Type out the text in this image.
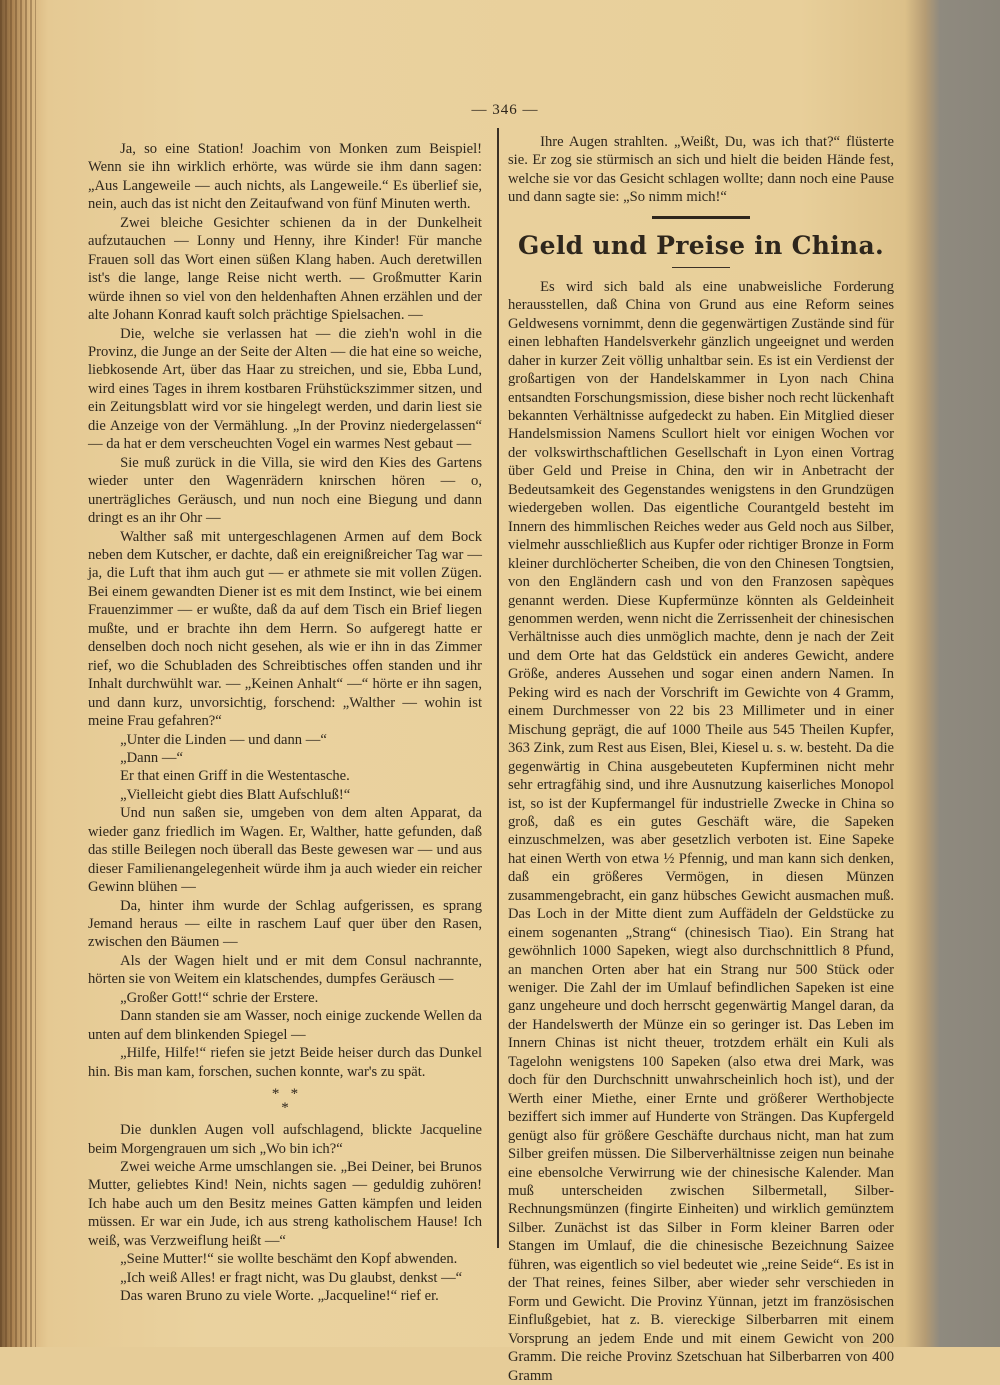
— 346 —

Ja, so eine Station! Joachim von Monken zum Beispiel! Wenn sie ihn wirklich erhörte, was würde sie ihm dann sagen: „Aus Langeweile — auch nichts, als Langeweile.“ Es überlief sie, nein, auch das ist nicht den Zeitaufwand von fünf Minuten werth.

Zwei bleiche Gesichter schienen da in der Dunkelheit aufzutauchen — Lonny und Henny, ihre Kinder! Für manche Frauen soll das Wort einen süßen Klang haben. Auch deretwillen ist's die lange, lange Reise nicht werth. — Großmutter Karin würde ihnen so viel von den heldenhaften Ahnen erzählen und der alte Johann Konrad kauft solch prächtige Spielsachen. —

Die, welche sie verlassen hat — die zieh'n wohl in die Provinz, die Junge an der Seite der Alten — die hat eine so weiche, liebkosende Art, über das Haar zu streichen, und sie, Ebba Lund, wird eines Tages in ihrem kostbaren Frühstückszimmer sitzen, und ein Zeitungsblatt wird vor sie hingelegt werden, und darin liest sie die Anzeige von der Vermählung. „In der Provinz niedergelassen“ — da hat er dem verscheuchten Vogel ein warmes Nest gebaut —

Sie muß zurück in die Villa, sie wird den Kies des Gartens wieder unter den Wagenrädern knirschen hören — o, unerträgliches Geräusch, und nun noch eine Biegung und dann dringt es an ihr Ohr —

Walther saß mit untergeschlagenen Armen auf dem Bock neben dem Kutscher, er dachte, daß ein ereignißreicher Tag war — ja, die Luft that ihm auch gut — er athmete sie mit vollen Zügen. Bei einem gewandten Diener ist es mit dem Instinct, wie bei einem Frauenzimmer — er wußte, daß da auf dem Tisch ein Brief liegen mußte, und er brachte ihn dem Herrn. So aufgeregt hatte er denselben doch noch nicht gesehen, als wie er ihn in das Zimmer rief, wo die Schubladen des Schreibtisches offen standen und ihr Inhalt durchwühlt war. — „Keinen Anhalt“ —“ hörte er ihn sagen, und dann kurz, unvorsichtig, forschend: „Walther — wohin ist meine Frau gefahren?“

„Unter die Linden — und dann —“

„Dann —“

Er that einen Griff in die Westentasche.

„Vielleicht giebt dies Blatt Aufschluß!“

Und nun saßen sie, umgeben von dem alten Apparat, da wieder ganz friedlich im Wagen. Er, Walther, hatte gefunden, daß das stille Beilegen noch überall das Beste gewesen war — und aus dieser Familienangelegenheit würde ihm ja auch wieder ein reicher Gewinn blühen —

Da, hinter ihm wurde der Schlag aufgerissen, es sprang Jemand heraus — eilte in raschem Lauf quer über den Rasen, zwischen den Bäumen —

Als der Wagen hielt und er mit dem Consul nachrannte, hörten sie von Weitem ein klatschendes, dumpfes Geräusch —

„Großer Gott!“ schrie der Erstere.

Dann standen sie am Wasser, noch einige zuckende Wellen da unten auf dem blinkenden Spiegel —

„Hilfe, Hilfe!“ riefen sie jetzt Beide heiser durch das Dunkel hin. Bis man kam, forschen, suchen konnte, war's zu spät.

*   *
*

Die dunklen Augen voll aufschlagend, blickte Jacqueline beim Morgengrauen um sich „Wo bin ich?“

Zwei weiche Arme umschlangen sie. „Bei Deiner, bei Brunos Mutter, geliebtes Kind! Nein, nichts sagen — geduldig zuhören! Ich habe auch um den Besitz meines Gatten kämpfen und leiden müssen. Er war ein Jude, ich aus streng katholischem Hause! Ich weiß, was Verzweiflung heißt —“

„Seine Mutter!“ sie wollte beschämt den Kopf abwenden.

„Ich weiß Alles! er fragt nicht, was Du glaubst, denkst —“

Das waren Bruno zu viele Worte. „Jacqueline!“ rief er.

Ihre Augen strahlten. „Weißt, Du, was ich that?“ flüsterte sie. Er zog sie stürmisch an sich und hielt die beiden Hände fest, welche sie vor das Gesicht schlagen wollte; dann noch eine Pause und dann sagte sie: „So nimm mich!“

Geld und Preise in China.

Es wird sich bald als eine unabweisliche Forderung herausstellen, daß China von Grund aus eine Reform seines Geldwesens vornimmt, denn die gegenwärtigen Zustände sind für einen lebhaften Handelsverkehr gänzlich ungeeignet und werden daher in kurzer Zeit völlig unhaltbar sein. Es ist ein Verdienst der großartigen von der Handelskammer in Lyon nach China entsandten Forschungsmission, diese bisher noch recht lückenhaft bekannten Verhältnisse aufgedeckt zu haben. Ein Mitglied dieser Handelsmission Namens Scullort hielt vor einigen Wochen vor der volkswirthschaftlichen Gesellschaft in Lyon einen Vortrag über Geld und Preise in China, den wir in Anbetracht der Bedeutsamkeit des Gegenstandes wenigstens in den Grundzügen wiedergeben wollen. Das eigentliche Courantgeld besteht im Innern des himmlischen Reiches weder aus Geld noch aus Silber, vielmehr ausschließlich aus Kupfer oder richtiger Bronze in Form kleiner durchlöcherter Scheiben, die von den Chinesen Tongtsien, von den Engländern cash und von den Franzosen sapèques genannt werden. Diese Kupfermünze könnten als Geldeinheit genommen werden, wenn nicht die Zerrissenheit der chinesischen Verhältnisse auch dies unmöglich machte, denn je nach der Zeit und dem Orte hat das Geldstück ein anderes Gewicht, andere Größe, anderes Aussehen und sogar einen andern Namen. In Peking wird es nach der Vorschrift im Gewichte von 4 Gramm, einem Durchmesser von 22 bis 23 Millimeter und in einer Mischung geprägt, die auf 1000 Theile aus 545 Theilen Kupfer, 363 Zink, zum Rest aus Eisen, Blei, Kiesel u. s. w. besteht. Da die gegenwärtig in China ausgebeuteten Kupferminen nicht mehr sehr ertragfähig sind, und ihre Ausnutzung kaiserliches Monopol ist, so ist der Kupfermangel für industrielle Zwecke in China so groß, daß es ein gutes Geschäft wäre, die Sapeken einzuschmelzen, was aber gesetzlich verboten ist. Eine Sapeke hat einen Werth von etwa ½ Pfennig, und man kann sich denken, daß ein größeres Vermögen, in diesen Münzen zusammengebracht, ein ganz hübsches Gewicht ausmachen muß. Das Loch in der Mitte dient zum Auffädeln der Geldstücke zu einem sogenanten „Strang“ (chinesisch Tiao). Ein Strang hat gewöhnlich 1000 Sapeken, wiegt also durchschnittlich 8 Pfund, an manchen Orten aber hat ein Strang nur 500 Stück oder weniger. Die Zahl der im Umlauf befindlichen Sapeken ist eine ganz ungeheure und doch herrscht gegenwärtig Mangel daran, da der Handelswerth der Münze ein so geringer ist. Das Leben im Innern Chinas ist nicht theuer, trotzdem erhält ein Kuli als Tagelohn wenigstens 100 Sapeken (also etwa drei Mark, was doch für den Durchschnitt unwahrscheinlich hoch ist), und der Werth einer Miethe, einer Ernte und größerer Werthobjecte beziffert sich immer auf Hunderte von Strängen. Das Kupfergeld genügt also für größere Geschäfte durchaus nicht, man hat zum Silber greifen müssen. Die Silberverhältnisse zeigen nun beinahe eine ebensolche Verwirrung wie der chinesische Kalender. Man muß unterscheiden zwischen Silbermetall, Silber-Rechnungsmünzen (fingirte Einheiten) und wirklich gemünztem Silber. Zunächst ist das Silber in Form kleiner Barren oder Stangen im Umlauf, die die chinesische Bezeichnung Saizee führen, was eigentlich so viel bedeutet wie „reine Seide“. Es ist in der That reines, feines Silber, aber wieder sehr verschieden in Form und Gewicht. Die Provinz Yünnan, jetzt im französischen Einflußgebiet, hat z. B. viereckige Silberbarren mit einem Vorsprung an jedem Ende und mit einem Gewicht von 200 Gramm. Die reiche Provinz Szetschuan hat Silberbarren von 400 Gramm
